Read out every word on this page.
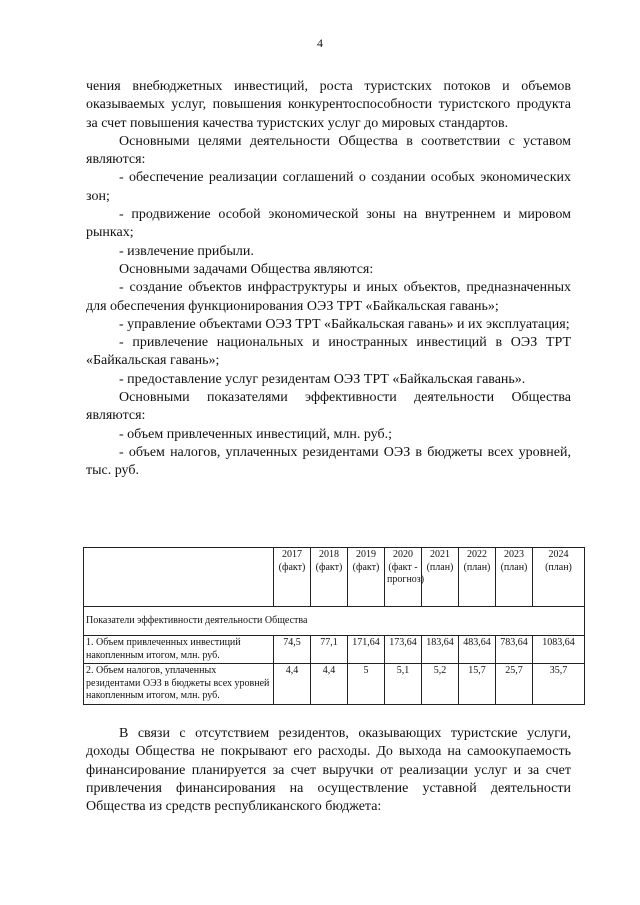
4

чения внебюджетных инвестиций, роста туристских потоков и объемов оказываемых услуг, повышения конкурентоспособности туристского продукта за счет повышения качества туристских услуг до мировых стандартов.

Основными целями деятельности Общества в соответствии с уставом являются:

- обеспечение реализации соглашений о создании особых экономических зон;

- продвижение особой экономической зоны на внутреннем и мировом рынках;

- извлечение прибыли.

Основными задачами Общества являются:

- создание объектов инфраструктуры и иных объектов, предназначенных для обеспечения функционирования ОЭЗ ТРТ «Байкальская гавань»;

- управление объектами ОЭЗ ТРТ «Байкальская гавань» и их эксплуатация;

- привлечение национальных и иностранных инвестиций в ОЭЗ ТРТ «Байкальская гавань»;

- предоставление услуг резидентам ОЭЗ ТРТ «Байкальская гавань».

Основными показателями эффективности деятельности Общества являются:

- объем привлеченных инвестиций, млн. руб.;

- объем налогов, уплаченных резидентами ОЭЗ в бюджеты всех уровней, тыс. руб.

	2017 (факт)	2018 (факт)	2019 (факт)	2020 (факт - прогноз)	2021 (план)	2022 (план)	2023 (план)	2024 (план)
Показатели эффективности деятельности Общества								
1. Объем привлеченных инвестиций накопленным итогом, млн. руб.	74,5	77,1	171,64	173,64	183,64	483,64	783,64	1083,64
2. Объем налогов, уплаченных резидентами ОЭЗ в бюджеты всех уровней накопленным итогом, млн. руб.	4,4	4,4	5	5,1	5,2	15,7	25,7	35,7

В связи с отсутствием резидентов, оказывающих туристские услуги, доходы Общества не покрывают его расходы. До выхода на самоокупаемость финансирование планируется за счет выручки от реализации услуг и за счет привлечения финансирования на осуществление уставной деятельности Общества из средств республиканского бюджета:
